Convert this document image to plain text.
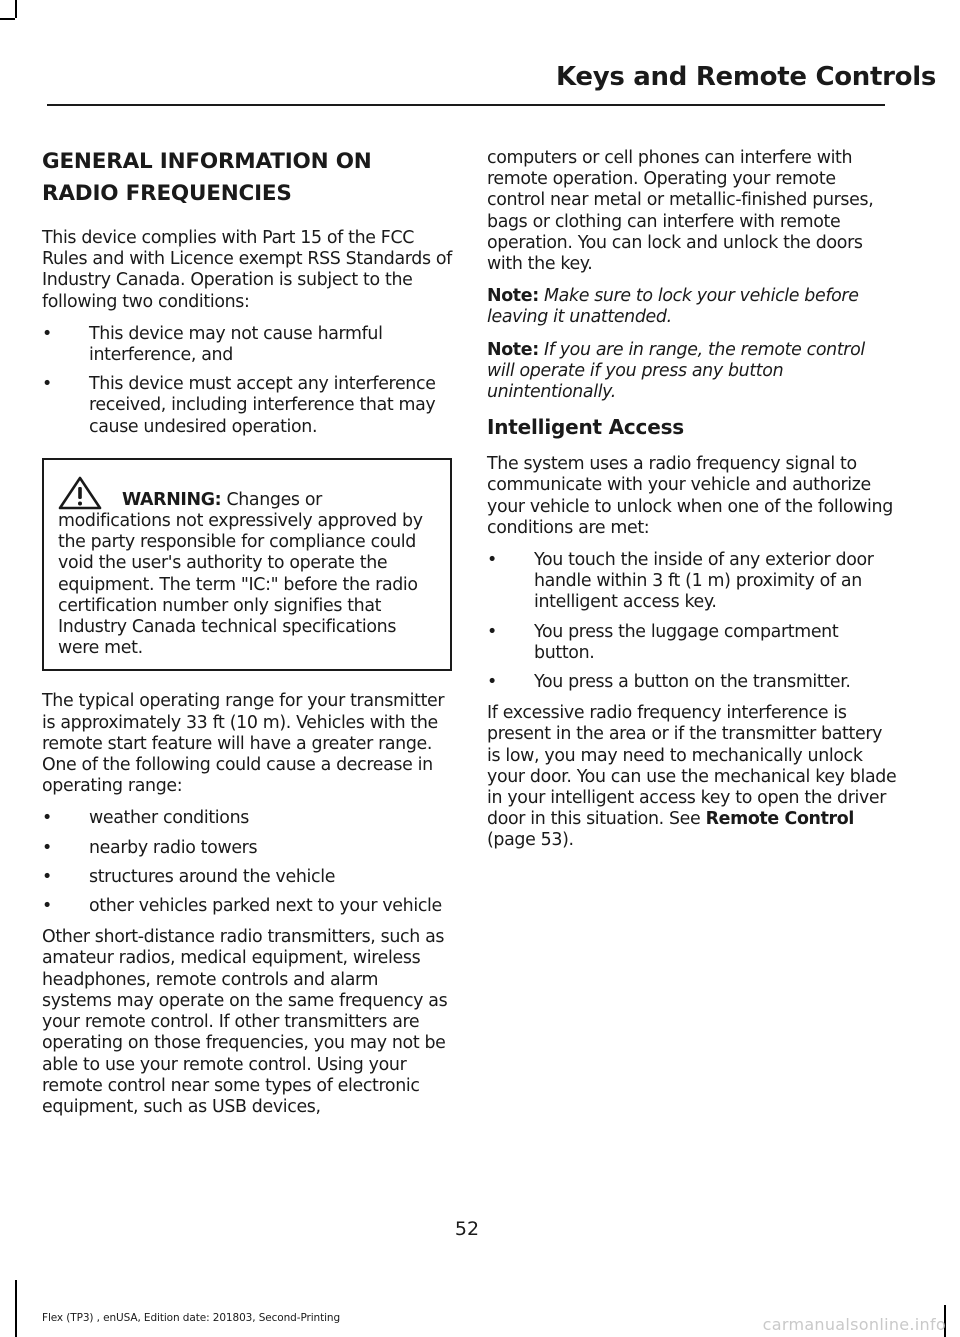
Keys and Remote Controls
GENERAL INFORMATION ON
RADIO FREQUENCIES

This device complies with Part 15 of the FCC Rules and with Licence exempt RSS Standards of Industry Canada. Operation is subject to the following two conditions:

•	This device may not cause harmful interference, and
•	This device must accept any interference received, including interference that may cause undesired operation.

WARNING: Changes or modifications not expressively approved by the party responsible for compliance could void the user's authority to operate the equipment. The term "IC:" before the radio certification number only signifies that Industry Canada technical specifications were met.

The typical operating range for your transmitter is approximately 33 ft (10 m). Vehicles with the remote start feature will have a greater range. One of the following could cause a decrease in operating range:

•	weather conditions
•	nearby radio towers
•	structures around the vehicle
•	other vehicles parked next to your vehicle

Other short-distance radio transmitters, such as amateur radios, medical equipment, wireless headphones, remote controls and alarm systems may operate on the same frequency as your remote control. If other transmitters are operating on those frequencies, you may not be able to use your remote control. Using your remote control near some types of electronic equipment, such as USB devices,

computers or cell phones can interfere with remote operation. Operating your remote control near metal or metallic-finished purses, bags or clothing can interfere with remote operation. You can lock and unlock the doors with the key.

Note: Make sure to lock your vehicle before leaving it unattended.

Note: If you are in range, the remote control will operate if you press any button unintentionally.

Intelligent Access

The system uses a radio frequency signal to communicate with your vehicle and authorize your vehicle to unlock when one of the following conditions are met:

•	You touch the inside of any exterior door handle within 3 ft (1 m) proximity of an intelligent access key.
•	You press the luggage compartment button.
•	You press a button on the transmitter.

If excessive radio frequency interference is present in the area or if the transmitter battery is low, you may need to mechanically unlock your door. You can use the mechanical key blade in your intelligent access key to open the driver door in this situation. See Remote Control (page 53).

52
Flex (TP3) , enUSA, Edition date: 201803, Second-Printing	carmanualsonline.info
